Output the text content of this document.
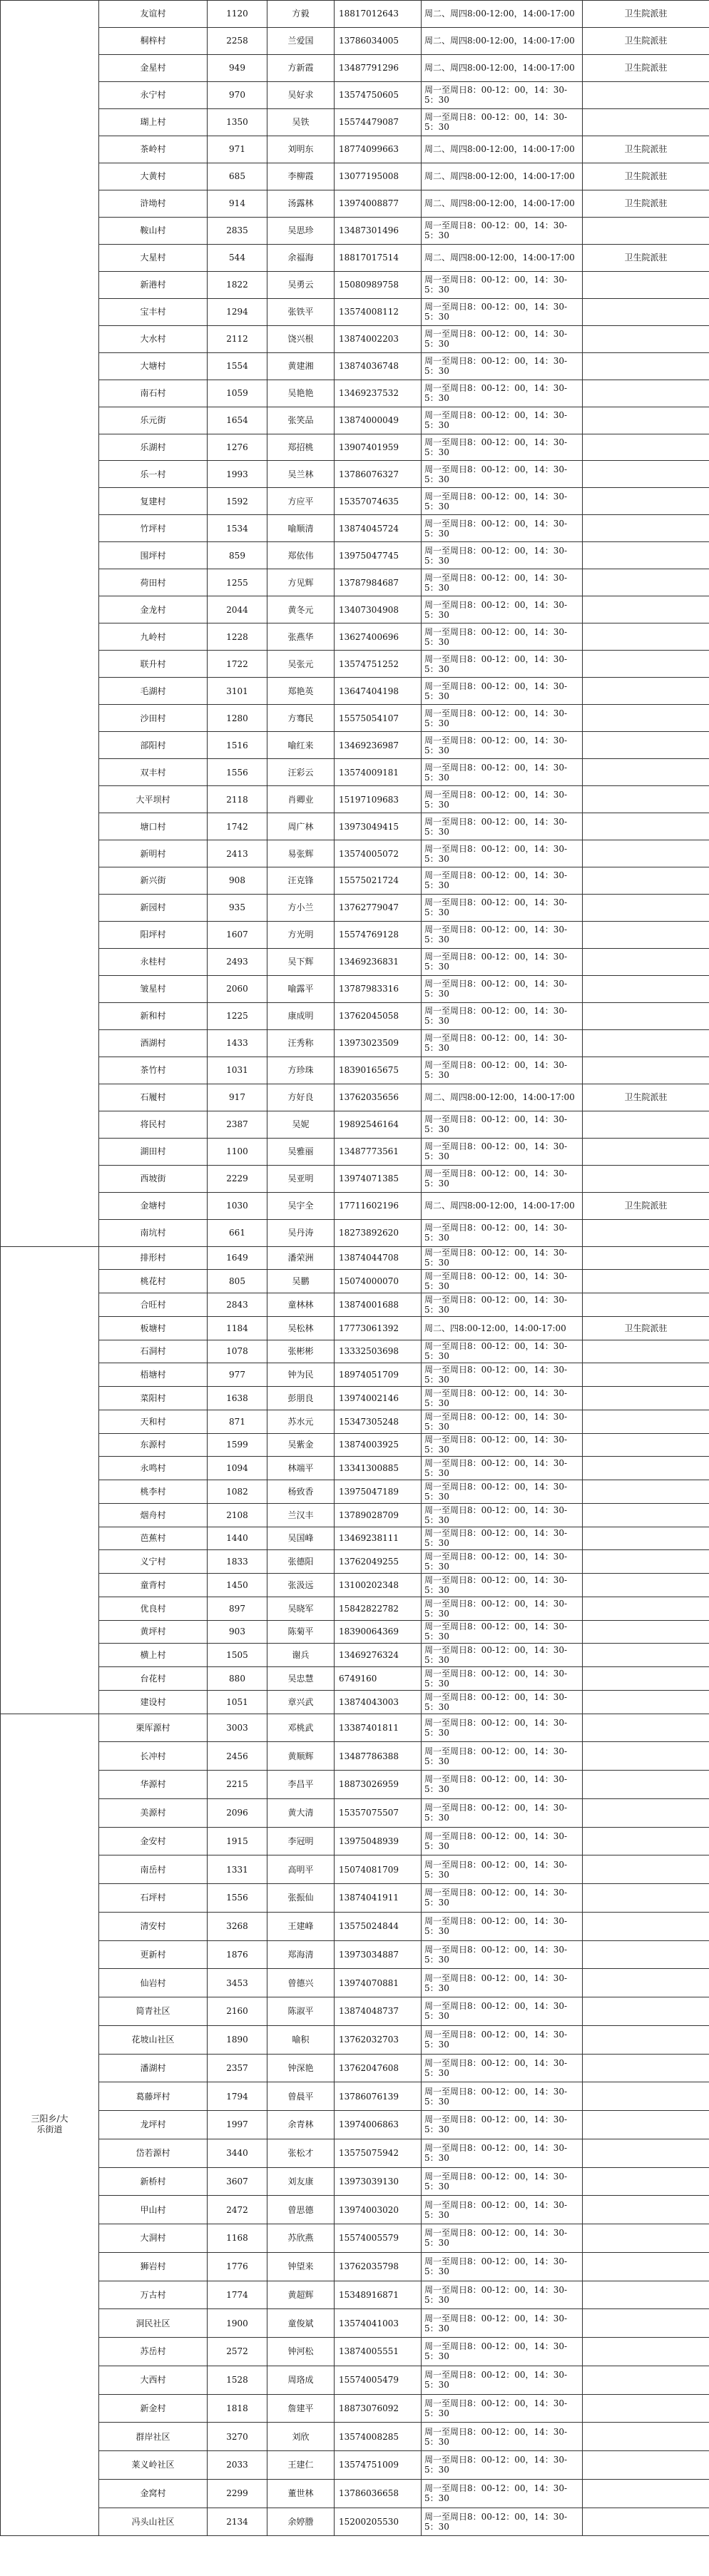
	友谊村	1120	方毅	18817012643	周二、周四8:00-12:00，14:00-17:00	卫生院派驻
	桐梓村	2258	兰爱国	13786034005	周二、周四8:00-12:00，14:00-17:00	卫生院派驻
	金星村	949	方新霞	13487791296	周二、周四8:00-12:00，14:00-17:00	卫生院派驻
	永宁村	970	吴好求	13574750605	周一至周日8：00-12：00，14：30-5：30	
	瑚上村	1350	吴铁	15574479087	周一至周日8：00-12：00，14：30-5：30	
	茶岭村	971	刘明东	18774099663	周二、周四8:00-12:00，14:00-17:00	卫生院派驻
	大黄村	685	李柳霞	13077195008	周二、周四8:00-12:00，14:00-17:00	卫生院派驻
	浒坳村	914	汤露林	13974008877	周二、周四8:00-12:00，14:00-17:00	卫生院派驻
	鞍山村	2835	吴思珍	13487301496	周一至周日8：00-12：00，14：30-5：30	
	大星村	544	余福海	18817017514	周二、周四8:00-12:00，14:00-17:00	卫生院派驻
	新港村	1822	吴勇云	15080989758	周一至周日8：00-12：00，14：30-5：30	
	宝丰村	1294	张铁平	13574008112	周一至周日8：00-12：00，14：30-5：30	
	大水村	2112	饶兴根	13874002203	周一至周日8：00-12：00，14：30-5：30	
	大塘村	1554	黄建湘	13874036748	周一至周日8：00-12：00，14：30-5：30	
	南石村	1059	吴艳艳	13469237532	周一至周日8：00-12：00，14：30-5：30	
	乐元街	1654	张笑品	13874000049	周一至周日8：00-12：00，14：30-5：30	
	乐湖村	1276	郑招桃	13907401959	周一至周日8：00-12：00，14：30-5：30	
	乐一村	1993	吴兰林	13786076327	周一至周日8：00-12：00，14：30-5：30	
	复建村	1592	方应平	15357074635	周一至周日8：00-12：00，14：30-5：30	
	竹坪村	1534	喻顺清	13874045724	周一至周日8：00-12：00，14：30-5：30	
	围坪村	859	郑依伟	13975047745	周一至周日8：00-12：00，14：30-5：30	
	荷田村	1255	方见辉	13787984687	周一至周日8：00-12：00，14：30-5：30	
	金龙村	2044	黄冬元	13407304908	周一至周日8：00-12：00，14：30-5：30	
	九岭村	1228	张燕华	13627400696	周一至周日8：00-12：00，14：30-5：30	
	联升村	1722	吴张元	13574751252	周一至周日8：00-12：00，14：30-5：30	
	毛湖村	3101	郑艳英	13647404198	周一至周日8：00-12：00，14：30-5：30	
	沙田村	1280	方骞民	15575054107	周一至周日8：00-12：00，14：30-5：30	
	部阳村	1516	喻红来	13469236987	周一至周日8：00-12：00，14：30-5：30	
	双丰村	1556	汪彩云	13574009181	周一至周日8：00-12：00，14：30-5：30	
	大平坝村	2118	肖卿业	15197109683	周一至周日8：00-12：00，14：30-5：30	
	塘口村	1742	周广林	13973049415	周一至周日8：00-12：00，14：30-5：30	
	新明村	2413	易张辉	13574005072	周一至周日8：00-12：00，14：30-5：30	
	新兴街	908	汪克锋	15575021724	周一至周日8：00-12：00，14：30-5：30	
	新园村	935	方小兰	13762779047	周一至周日8：00-12：00，14：30-5：30	
	阳坪村	1607	方光明	15574769128	周一至周日8：00-12：00，14：30-5：30	
	永桂村	2493	吴下辉	13469236831	周一至周日8：00-12：00，14：30-5：30	
	皱星村	2060	喻露平	13787983316	周一至周日8：00-12：00，14：30-5：30	
	新和村	1225	康成明	13762045058	周一至周日8：00-12：00，14：30-5：30	
	酒湖村	1433	汪秀称	13973023509	周一至周日8：00-12：00，14：30-5：30	
	茶竹村	1031	方珍珠	18390165675	周一至周日8：00-12：00，14：30-5：30	
	石履村	917	方好良	13762035656	周二、周四8:00-12:00，14:00-17:00	卫生院派驻
	将民村	2387	吴妮	19892546164	周一至周日8：00-12：00，14：30-5：30	
	湖田村	1100	吴雅丽	13487773561	周一至周日8：00-12：00，14：30-5：30	
	西坡街	2229	吴亚明	13974071385	周一至周日8：00-12：00，14：30-5：30	
	金塘村	1030	吴宇全	17711602196	周二、周四8:00-12:00，14:00-17:00	卫生院派驻
	南坑村	661	吴丹涛	18273892620	周一至周日8：00-12：00，14：30-5：30	
	排形村	1649	潘荣洲	13874044708	周一至周日8：00-12：00，14：30-5：30	
	桃花村	805	吴鹏	15074000070	周一至周日8：00-12：00，14：30-5：30	
	合旺村	2843	童林林	13874001688	周一至周日8：00-12：00，14：30-5：30	
	板塘村	1184	吴松林	17773061392	周二、四8:00-12:00，14:00-17:00	卫生院派驻
	石洞村	1078	张彬彬	13332503698	周一至周日8：00-12：00，14：30-5：30	
	梧塘村	977	钟为民	18974051709	周一至周日8：00-12：00，14：30-5：30	
	菜阳村	1638	彭朋良	13974002146	周一至周日8：00-12：00，14：30-5：30	
	天和村	871	苏水元	15347305248	周一至周日8：00-12：00，14：30-5：30	
	东源村	1599	吴紫金	13874003925	周一至周日8：00-12：00，14：30-5：30	
	永鸣村	1094	林端平	13341300885	周一至周日8：00-12：00，14：30-5：30	
	桃李村	1082	杨致香	13975047189	周一至周日8：00-12：00，14：30-5：30	
	烟舟村	2108	兰汉丰	13789028709	周一至周日8：00-12：00，14：30-5：30	
	芭蕉村	1440	吴国峰	13469238111	周一至周日8：00-12：00，14：30-5：30	
	义宁村	1833	张德阳	13762049255	周一至周日8：00-12：00，14：30-5：30	
	童背村	1450	张汲远	13100202348	周一至周日8：00-12：00，14：30-5：30	
	优良村	897	吴晓军	15842822782	周一至周日8：00-12：00，14：30-5：30	
	黄坪村	903	陈菊平	18390064369	周一至周日8：00-12：00，14：30-5：30	
	横上村	1505	谢兵	13469276324	周一至周日8：00-12：00，14：30-5：30	
	台花村	880	吴忠慧	6749160	周一至周日8：00-12：00，14：30-5：30	
	建设村	1051	章兴武	13874043003	周一至周日8：00-12：00，14：30-5：30	
三阳乡/大乐街道	栗厍源村	3003	邓桃武	13387401811	周一至周日8：00-12：00，14：30-5：30	
	长冲村	2456	黄顺辉	13487786388	周一至周日8：00-12：00，14：30-5：30	
	华源村	2215	李昌平	18873026959	周一至周日8：00-12：00，14：30-5：30	
	美源村	2096	黄大清	15357075507	周一至周日8：00-12：00，14：30-5：30	
	金安村	1915	李冠明	13975048939	周一至周日8：00-12：00，14：30-5：30	
	南岳村	1331	高明平	15074081709	周一至周日8：00-12：00，14：30-5：30	
	石坪村	1556	张振仙	13874041911	周一至周日8：00-12：00，14：30-5：30	
	清安村	3268	王建峰	13575024844	周一至周日8：00-12：00，14：30-5：30	
	更新村	1876	郑海清	13973034887	周一至周日8：00-12：00，14：30-5：30	
	仙岩村	3453	曾德兴	13974070881	周一至周日8：00-12：00，14：30-5：30	
	简青社区	2160	陈淑平	13874048737	周一至周日8：00-12：00，14：30-5：30	
	花坡山社区	1890	喻积	13762032703	周一至周日8：00-12：00，14：30-5：30	
	潘湖村	2357	钟深艳	13762047608	周一至周日8：00-12：00，14：30-5：30	
	葛藤坪村	1794	曾晨平	13786076139	周一至周日8：00-12：00，14：30-5：30	
	龙坪村	1997	余青林	13974006863	周一至周日8：00-12：00，14：30-5：30	
	岱若源村	3440	张松才	13575075942	周一至周日8：00-12：00，14：30-5：30	
	新桥村	3607	刘友康	13973039130	周一至周日8：00-12：00，14：30-5：30	
	甲山村	2472	曾思德	13974003020	周一至周日8：00-12：00，14：30-5：30	
	大洞村	1168	苏欣燕	15574005579	周一至周日8：00-12：00，14：30-5：30	
	狮岩村	1776	钟望来	13762035798	周一至周日8：00-12：00，14：30-5：30	
	万古村	1774	黄超辉	15348916871	周一至周日8：00-12：00，14：30-5：30	
	洞民社区	1900	童俊斌	13574041003	周一至周日8：00-12：00，14：30-5：30	
	苏岳村	2572	钟河松	13874005551	周一至周日8：00-12：00，14：30-5：30	
	大西村	1528	周珞成	15574005479	周一至周日8：00-12：00，14：30-5：30	
	新金村	1818	詹建平	18873076092	周一至周日8：00-12：00，14：30-5：30	
	群岸社区	3270	刘欣	13574008285	周一至周日8：00-12：00，14：30-5：30	
	莱义岭社区	2033	王建仁	13574751009	周一至周日8：00-12：00，14：30-5：30	
	金窝村	2299	董世林	13786036658	周一至周日8：00-12：00，14：30-5：30	
	冯头山社区	2134	余婷謄	15200205530	周一至周日8：00-12：00，14：30-5：30	
